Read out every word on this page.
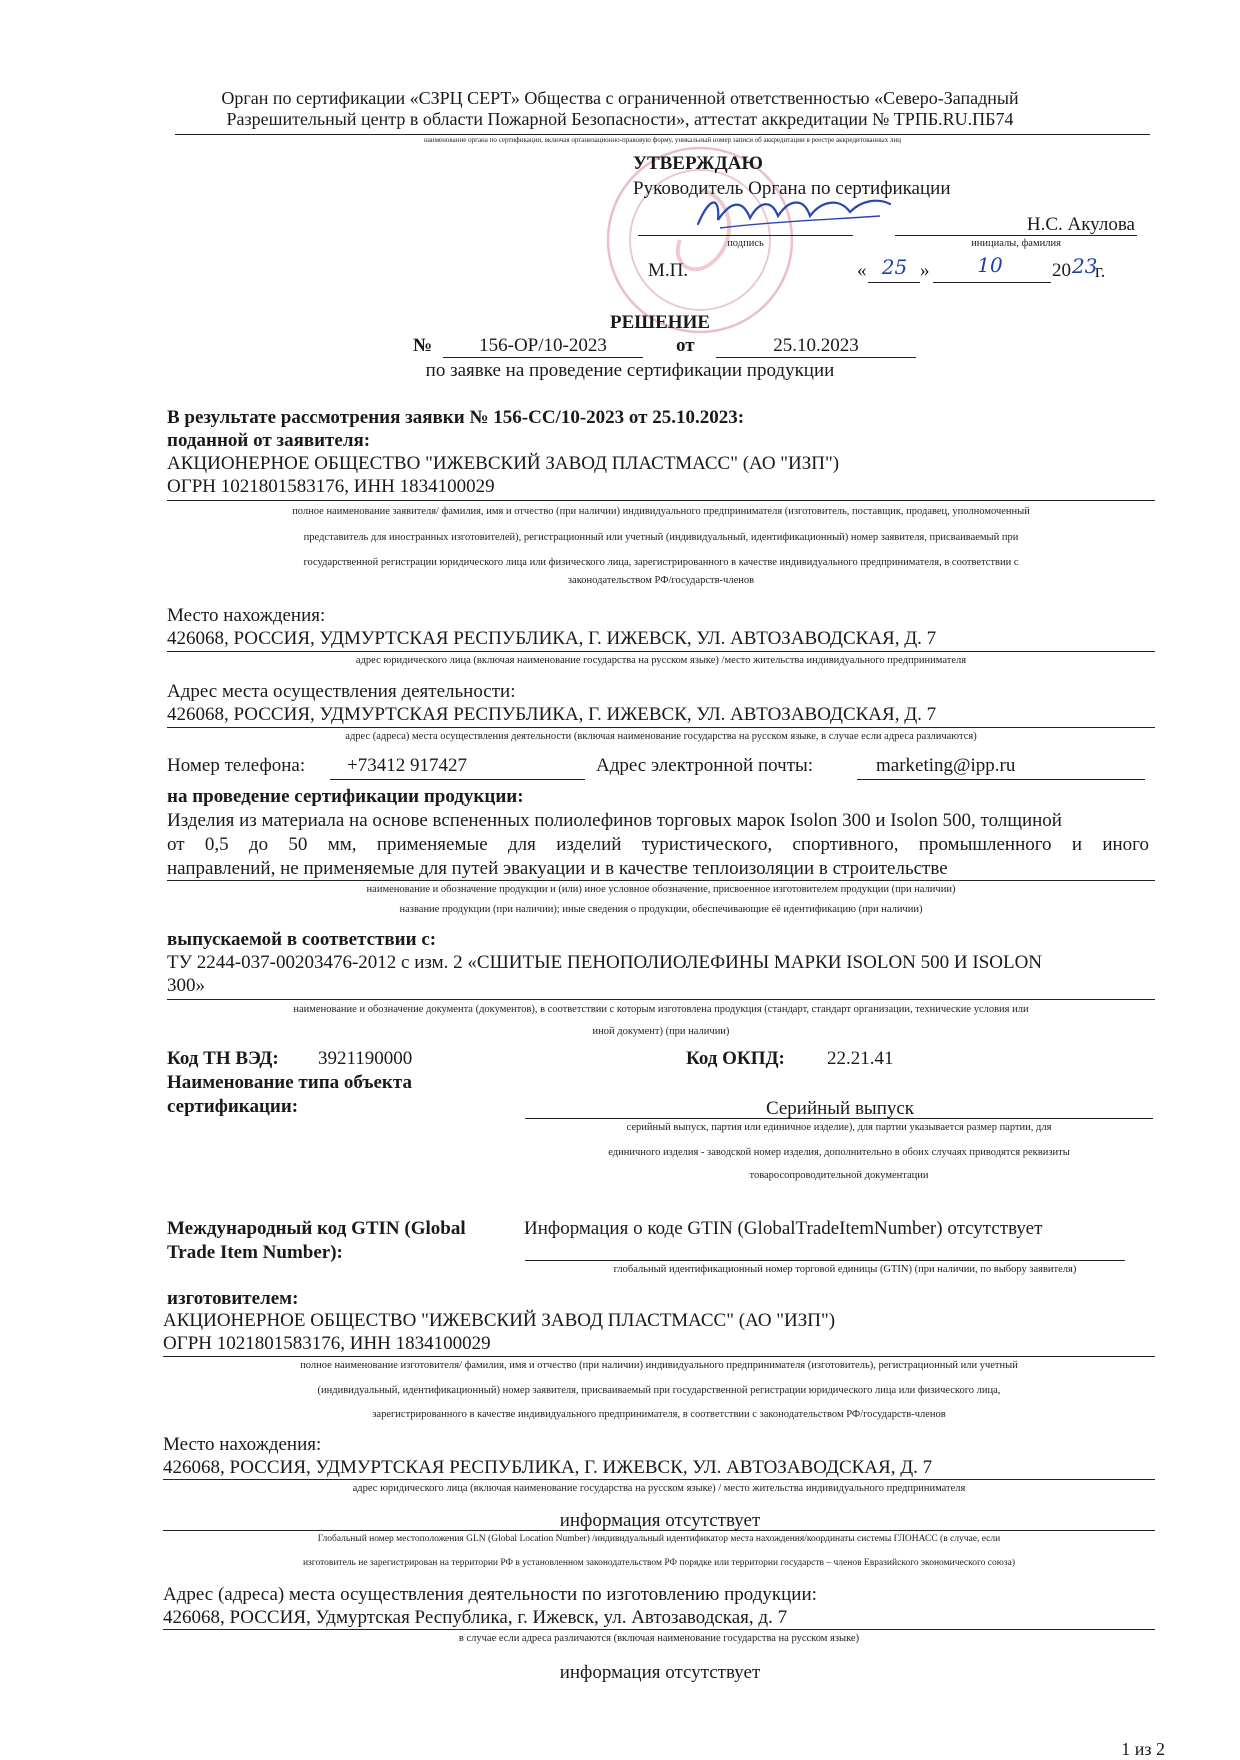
Орган по сертификации «СЗРЦ СЕРТ» Общества с ограниченной ответственностью «Северо-Западный
Разрешительный центр в области Пожарной Безопасности», аттестат аккредитации № ТРПБ.RU.ПБ74
наименование органа по сертификации, включая организационно-правовую форму, уникальный номер записи об аккредитации в реестре аккредитованных лиц
УТВЕРЖДАЮ
Руководитель Органа по сертификации
подпись
Н.С. Акулова
инициалы, фамилия
М.П.	« 25 »	10	20 23
г.
РЕШЕНИЕ
№	156-ОР/10-2023	от	25.10.2023
по заявке на проведение сертификации продукции
В результате рассмотрения заявки № 156-СС/10-2023 от 25.10.2023:
поданной от заявителя:
АКЦИОНЕРНОЕ ОБЩЕСТВО "ИЖЕВСКИЙ ЗАВОД ПЛАСТМАСС" (АО "ИЗП")
ОГРН 1021801583176, ИНН 1834100029
полное наименование заявителя/ фамилия, имя и отчество (при наличии) индивидуального предпринимателя (изготовитель, поставщик, продавец, уполномоченный
представитель для иностранных изготовителей), регистрационный или учетный (индивидуальный, идентификационный) номер заявителя, присваиваемый при
государственной регистрации юридического лица или физического лица, зарегистрированного в качестве индивидуального предпринимателя, в соответствии с
законодательством РФ/государств-членов
Место нахождения:
426068, РОССИЯ, УДМУРТСКАЯ РЕСПУБЛИКА, Г. ИЖЕВСК, УЛ. АВТОЗАВОДСКАЯ, Д. 7
адрес юридического лица (включая наименование государства на русском языке) /место жительства индивидуального предпринимателя
Адрес места осуществления деятельности:
426068, РОССИЯ, УДМУРТСКАЯ РЕСПУБЛИКА, Г. ИЖЕВСК, УЛ. АВТОЗАВОДСКАЯ, Д. 7
адрес (адреса) места осуществления деятельности (включая наименование государства на русском языке, в случае если адреса различаются)
Номер телефона: +73412 917427	Адрес электронной почты:	marketing@ipp.ru
на проведение сертификации продукции:
Изделия из материала на основе вспененных полиолефинов торговых марок Isolon 300 и Isolon 500, толщиной
от 0,5 до 50 мм, применяемые для изделий туристического, спортивного, промышленного и иного
направлений, не применяемые для путей эвакуации и в качестве теплоизоляции в строительстве
наименование и обозначение продукции и (или) иное условное обозначение, присвоенное изготовителем продукции (при наличии)
название продукции (при наличии); иные сведения о продукции, обеспечивающие её идентификацию (при наличии)
выпускаемой в соответствии с:
ТУ 2244-037-00203476-2012 с изм. 2 «СШИТЫЕ ПЕНОПОЛИОЛЕФИНЫ МАРКИ ISOLON 500 И ISOLON
300»
наименование и обозначение документа (документов), в соответствии с которым изготовлена продукция (стандарт, стандарт организации, технические условия или
иной документ) (при наличии)
Код ТН ВЭД: 3921190000	Код ОКПД: 22.21.41
Наименование типа объекта
сертификации:	Серийный выпуск
серийный выпуск, партия или единичное изделие), для партии указывается размер партии, для
единичного изделия - заводской номер изделия, дополнительно в обоих случаях приводятся реквизиты
товаросопроводительной документации
Международный код GTIN (Global
Trade Item Number):
Информация о коде GTIN (GlobalTradeItemNumber) отсутствует
глобальный идентификационный номер торговой единицы (GTIN) (при наличии, по выбору заявителя)
изготовителем:
АКЦИОНЕРНОЕ ОБЩЕСТВО "ИЖЕВСКИЙ ЗАВОД ПЛАСТМАСС" (АО "ИЗП")
ОГРН 1021801583176, ИНН 1834100029
полное наименование изготовителя/ фамилия, имя и отчество (при наличии) индивидуального предпринимателя (изготовитель), регистрационный или учетный
(индивидуальный, идентификационный) номер заявителя, присваиваемый при государственной регистрации юридического лица или физического лица,
зарегистрированного в качестве индивидуального предпринимателя, в соответствии с законодательством РФ/государств-членов
Место нахождения:
426068, РОССИЯ, УДМУРТСКАЯ РЕСПУБЛИКА, Г. ИЖЕВСК, УЛ. АВТОЗАВОДСКАЯ, Д. 7
адрес юридического лица (включая наименование государства на русском языке) / место жительства индивидуального предпринимателя
информация отсутствует
Глобальный номер местоположения GLN (Global Location Number) /индивидуальный идентификатор места нахождения/координаты системы ГЛОНАСС (в случае, если
изготовитель не зарегистрирован на территории РФ в установленном законодательством РФ порядке или территории государств – членов Евразийского экономического союза)
Адрес (адреса) места осуществления деятельности по изготовлению продукции:
426068, РОССИЯ, Удмуртская Республика, г. Ижевск, ул. Автозаводская, д. 7
в случае если адреса различаются (включая наименование государства на русском языке)
информация отсутствует
1 из 2
